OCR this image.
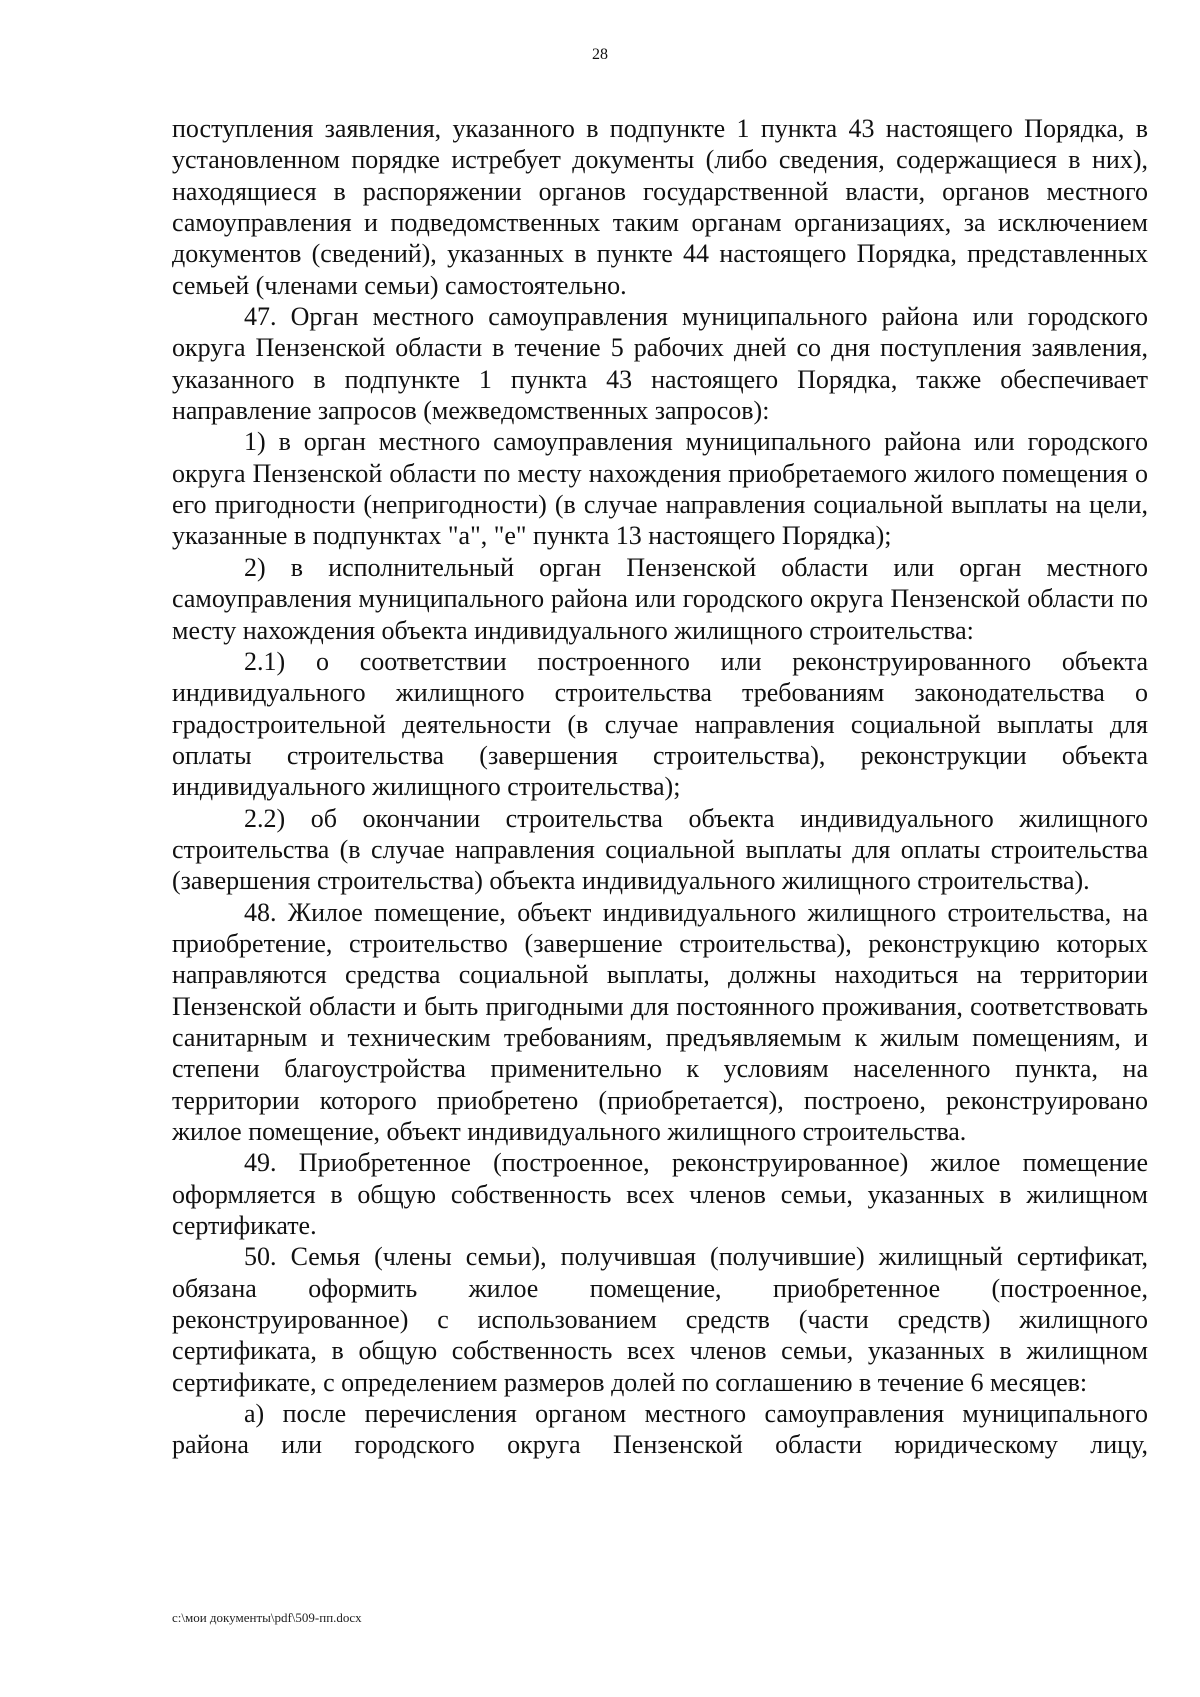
28

поступления заявления, указанного в подпункте 1 пункта 43 настоящего Порядка, в установленном порядке истребует документы (либо сведения, содержащиеся в них), находящиеся в распоряжении органов государственной власти, органов местного самоуправления и подведомственных таким органам организациях, за исключением документов (сведений), указанных в пункте 44 настоящего Порядка, представленных семьей (членами семьи) самостоятельно.

47. Орган местного самоуправления муниципального района или городского округа Пензенской области в течение 5 рабочих дней со дня поступления заявления, указанного в подпункте 1 пункта 43 настоящего Порядка, также обеспечивает направление запросов (межведомственных запросов):

1) в орган местного самоуправления муниципального района или городского округа Пензенской области по месту нахождения приобретаемого жилого помещения о его пригодности (непригодности) (в случае направления социальной выплаты на цели, указанные в подпунктах "а", "е" пункта 13 настоящего Порядка);

2) в исполнительный орган Пензенской области или орган местного самоуправления муниципального района или городского округа Пензенской области по месту нахождения объекта индивидуального жилищного строительства:

2.1) о соответствии построенного или реконструированного объекта индивидуального жилищного строительства требованиям законодательства о градостроительной деятельности (в случае направления социальной выплаты для оплаты строительства (завершения строительства), реконструкции объекта индивидуального жилищного строительства);

2.2) об окончании строительства объекта индивидуального жилищного строительства (в случае направления социальной выплаты для оплаты строительства (завершения строительства) объекта индивидуального жилищного строительства).

48. Жилое помещение, объект индивидуального жилищного строительства, на приобретение, строительство (завершение строительства), реконструкцию которых направляются средства социальной выплаты, должны находиться на территории Пензенской области и быть пригодными для постоянного проживания, соответствовать санитарным и техническим требованиям, предъявляемым к жилым помещениям, и степени благоустройства применительно к условиям населенного пункта, на территории которого приобретено (приобретается), построено, реконструировано жилое помещение, объект индивидуального жилищного строительства.

49. Приобретенное (построенное, реконструированное) жилое помещение оформляется в общую собственность всех членов семьи, указанных в жилищном сертификате.

50. Семья (члены семьи), получившая (получившие) жилищный сертификат, обязана оформить жилое помещение, приобретенное (построенное, реконструированное) с использованием средств (части средств) жилищного сертификата, в общую собственность всех членов семьи, указанных в жилищном сертификате, с определением размеров долей по соглашению в течение 6 месяцев:

а) после перечисления органом местного самоуправления муниципального района или городского округа Пензенской области юридическому лицу,

c:\мои документы\pdf\509-пп.docx
